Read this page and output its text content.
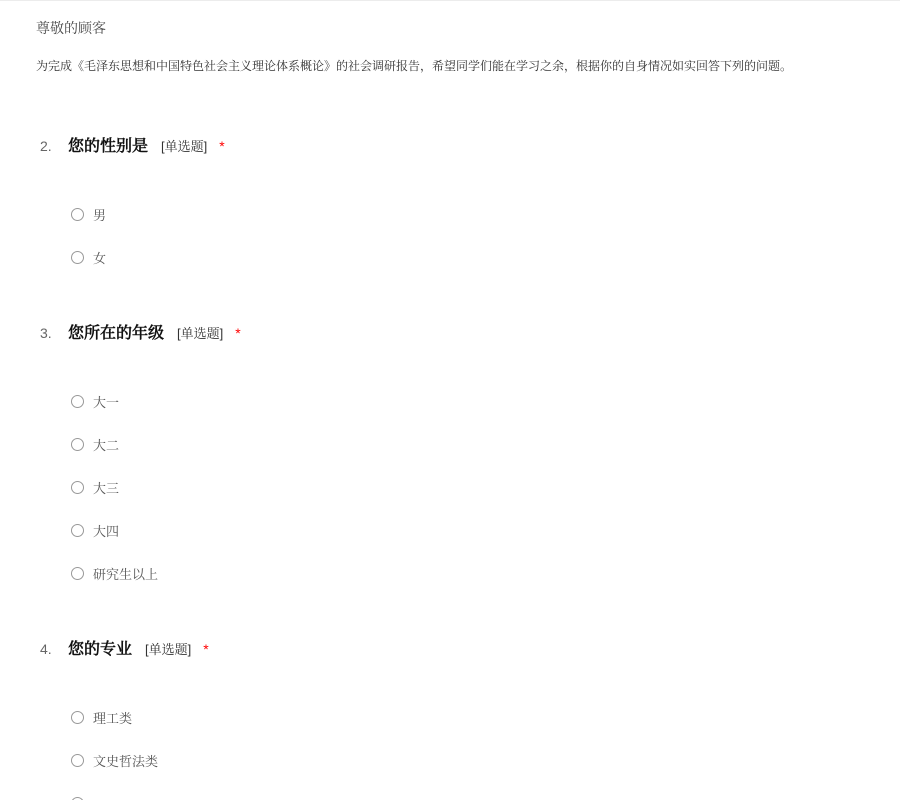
尊敬的顾客
为完成《毛泽东思想和中国特色社会主义理论体系概论》的社会调研报告，希望同学们能在学习之余，根据你的自身情况如实回答下列的问题。
2. 您的性别是 [单选题] *
男
女
3. 您所在的年级 [单选题] *
大一
大二
大三
大四
研究生以上
4. 您的专业 [单选题] *
理工类
文史哲法类
